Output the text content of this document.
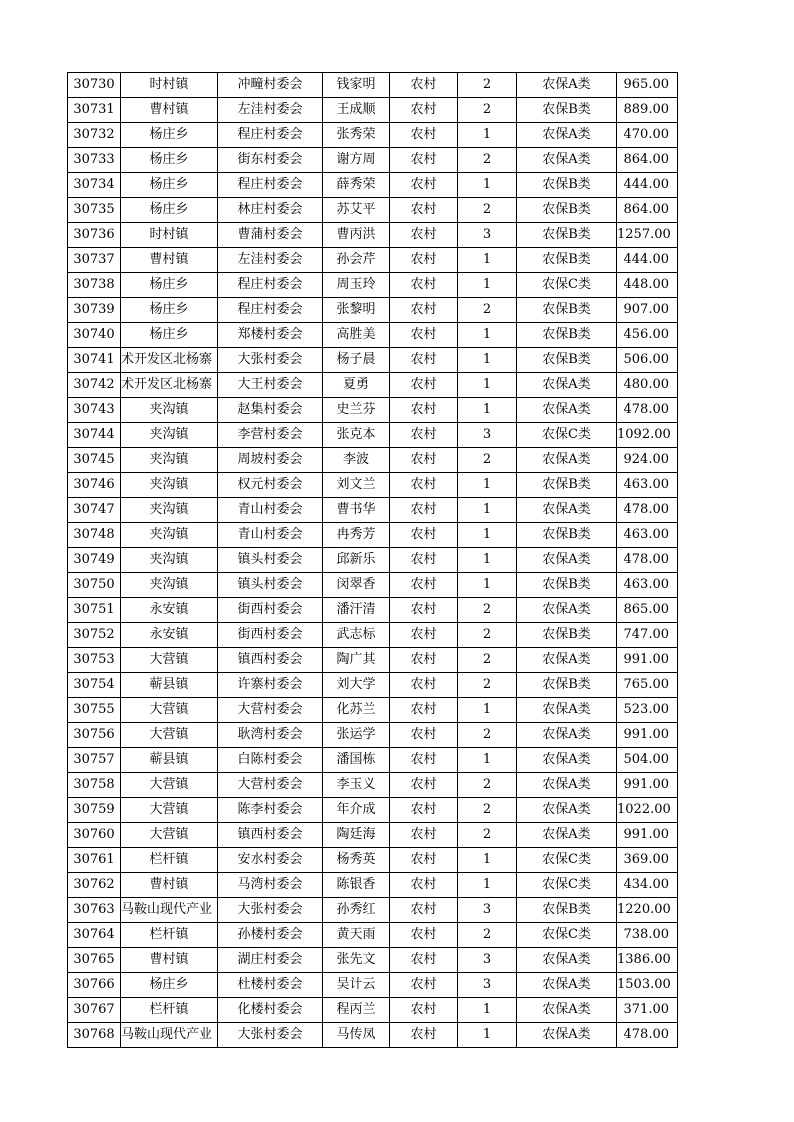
30730	时村镇	冲疃村委会	钱家明	农村	2	农保A类	965.00
30731	曹村镇	左洼村委会	王成顺	农村	2	农保B类	889.00
30732	杨庄乡	程庄村委会	张秀荣	农村	1	农保A类	470.00
30733	杨庄乡	街东村委会	谢方周	农村	2	农保A类	864.00
30734	杨庄乡	程庄村委会	薛秀荣	农村	1	农保B类	444.00
30735	杨庄乡	林庄村委会	苏艾平	农村	2	农保B类	864.00
30736	时村镇	曹蒲村委会	曹丙洪	农村	3	农保B类	1257.00
30737	曹村镇	左洼村委会	孙会芹	农村	1	农保B类	444.00
30738	杨庄乡	程庄村委会	周玉玲	农村	1	农保C类	448.00
30739	杨庄乡	程庄村委会	张黎明	农村	2	农保B类	907.00
30740	杨庄乡	郑楼村委会	高胜美	农村	1	农保B类	456.00
30741	术开发区北杨寨	大张村委会	杨子晨	农村	1	农保B类	506.00
30742	术开发区北杨寨	大王村委会	夏勇	农村	1	农保A类	480.00
30743	夹沟镇	赵集村委会	史兰芬	农村	1	农保A类	478.00
30744	夹沟镇	李营村委会	张克本	农村	3	农保C类	1092.00
30745	夹沟镇	周坡村委会	李波	农村	2	农保A类	924.00
30746	夹沟镇	权元村委会	刘文兰	农村	1	农保B类	463.00
30747	夹沟镇	青山村委会	曹书华	农村	1	农保A类	478.00
30748	夹沟镇	青山村委会	冉秀芳	农村	1	农保B类	463.00
30749	夹沟镇	镇头村委会	邱新乐	农村	1	农保A类	478.00
30750	夹沟镇	镇头村委会	闵翠香	农村	1	农保B类	463.00
30751	永安镇	街西村委会	潘汗清	农村	2	农保A类	865.00
30752	永安镇	街西村委会	武志标	农村	2	农保B类	747.00
30753	大营镇	镇西村委会	陶广其	农村	2	农保A类	991.00
30754	蕲县镇	许寨村委会	刘大学	农村	2	农保B类	765.00
30755	大营镇	大营村委会	化苏兰	农村	1	农保A类	523.00
30756	大营镇	耿湾村委会	张运学	农村	2	农保A类	991.00
30757	蕲县镇	白陈村委会	潘国栋	农村	1	农保A类	504.00
30758	大营镇	大营村委会	李玉义	农村	2	农保A类	991.00
30759	大营镇	陈李村委会	年介成	农村	2	农保A类	1022.00
30760	大营镇	镇西村委会	陶廷海	农村	2	农保A类	991.00
30761	栏杆镇	安水村委会	杨秀英	农村	1	农保C类	369.00
30762	曹村镇	马湾村委会	陈银香	农村	1	农保C类	434.00
30763	马鞍山现代产业	大张村委会	孙秀红	农村	3	农保B类	1220.00
30764	栏杆镇	孙楼村委会	黄天雨	农村	2	农保C类	738.00
30765	曹村镇	湖庄村委会	张先文	农村	3	农保A类	1386.00
30766	杨庄乡	杜楼村委会	吴计云	农村	3	农保A类	1503.00
30767	栏杆镇	化楼村委会	程丙兰	农村	1	农保A类	371.00
30768	马鞍山现代产业	大张村委会	马传凤	农村	1	农保A类	478.00
